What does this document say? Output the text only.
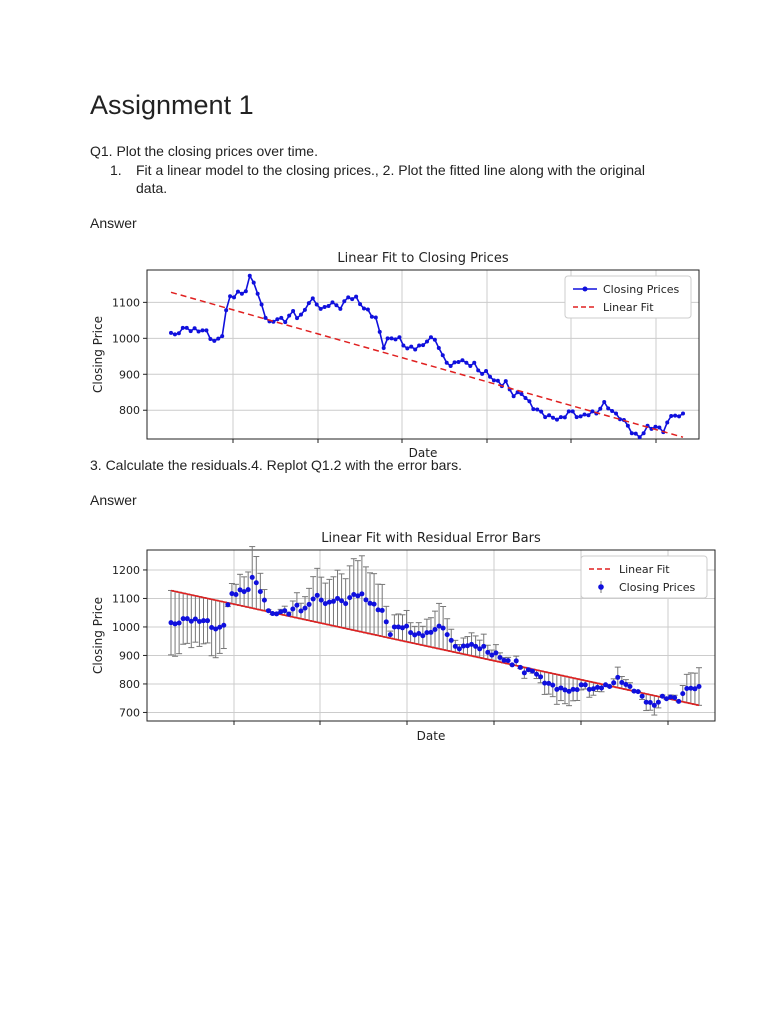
Assignment 1
Q1. Plot the closing prices over time.
1. Fit a linear model to the closing prices., 2. Plot the fitted line along with the original data.
Answer
Linear Fit to Closing Prices
800
900
1000
1100
Date
Closing Price
Closing Prices
Linear Fit
3. Calculate the residuals.4. Replot Q1.2 with the error bars.
Answer
Linear Fit with Residual Error Bars
700
800
900
1000
1100
1200
Date
Closing Price
Linear Fit
Closing Prices
